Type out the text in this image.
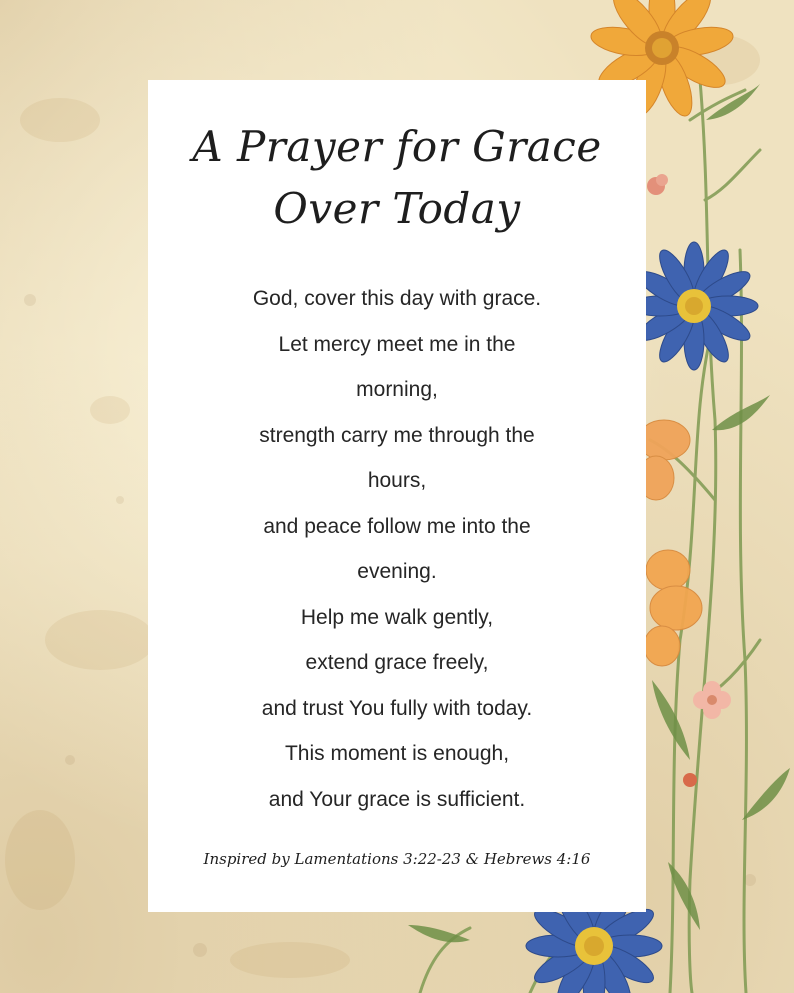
A Prayer for Grace Over Today
God, cover this day with grace.
Let mercy meet me in the
morning,
strength carry me through the
hours,
and peace follow me into the
evening.
Help me walk gently,
extend grace freely,
and trust You fully with today.
This moment is enough,
and Your grace is sufficient.
Inspired by Lamentations 3:22-23 & Hebrews 4:16
